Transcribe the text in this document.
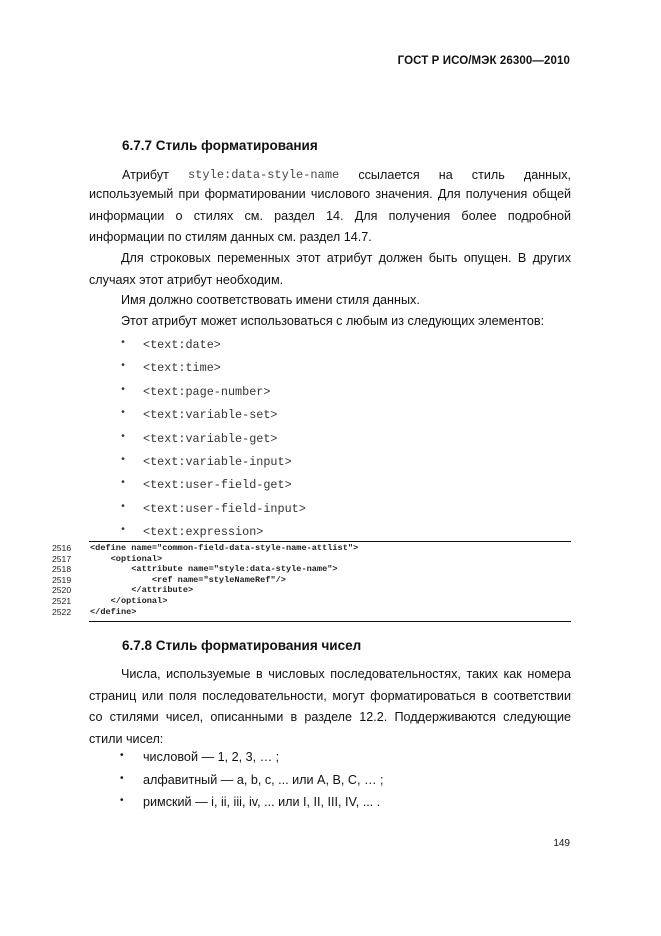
ГОСТ Р ИСО/МЭК 26300—2010
6.7.7 Стиль форматирования
Атрибут style:data-style-name ссылается на стиль данных,
используемый при форматировании числового значения. Для получения общей информации о стилях см. раздел 14. Для получения более подробной информации по стилям данных см. раздел 14.7.
Для строковых переменных этот атрибут должен быть опущен. В других случаях этот атрибут необходим.
Имя должно соответствовать имени стиля данных.
Этот атрибут может использоваться с любым из следующих элементов:
• <text:date>
• <text:time>
• <text:page-number>
• <text:variable-set>
• <text:variable-get>
• <text:variable-input>
• <text:user-field-get>
• <text:user-field-input>
• <text:expression>
2516	<define name="common-field-data-style-name-attlist">
2517	<optional>
2518	<attribute name="style:data-style-name">
2519	<ref name="styleNameRef"/>
2520	</attribute>
2521	</optional>
2522	</define>
6.7.8 Стиль форматирования чисел
Числа, используемые в числовых последовательностях, таких как номера страниц или поля последовательности, могут форматироваться в соответствии со стилями чисел, описанными в разделе 12.2. Поддерживаются следующие стили чисел:
• числовой — 1, 2, 3, … ;
• алфавитный — a, b, c, ... или A, B, C, … ;
• римский — i, ii, iii, iv, ... или I, II, III, IV, ... .
149
